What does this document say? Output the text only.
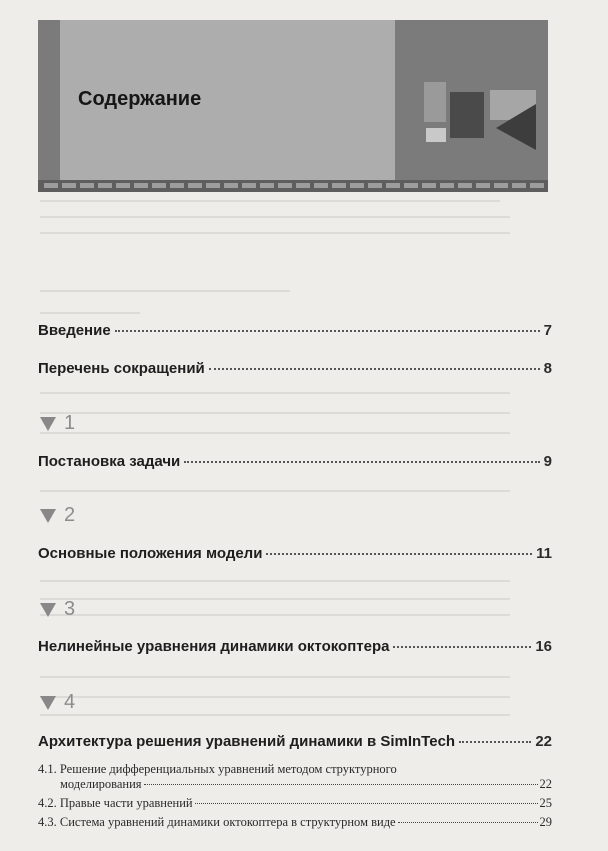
Содержание
Введение	7
Перечень сокращений	8
1
Постановка задачи	9
2
Основные положения модели	11
3
Нелинейные уравнения динамики октокоптера	16
4
Архитектура решения уравнений динамики в SimInTech	22
4.1. Решение дифференциальных уравнений методом структурного
моделирования	22
4.2. Правые части уравнений	25
4.3. Система уравнений динамики октокоптера в структурном виде	29
